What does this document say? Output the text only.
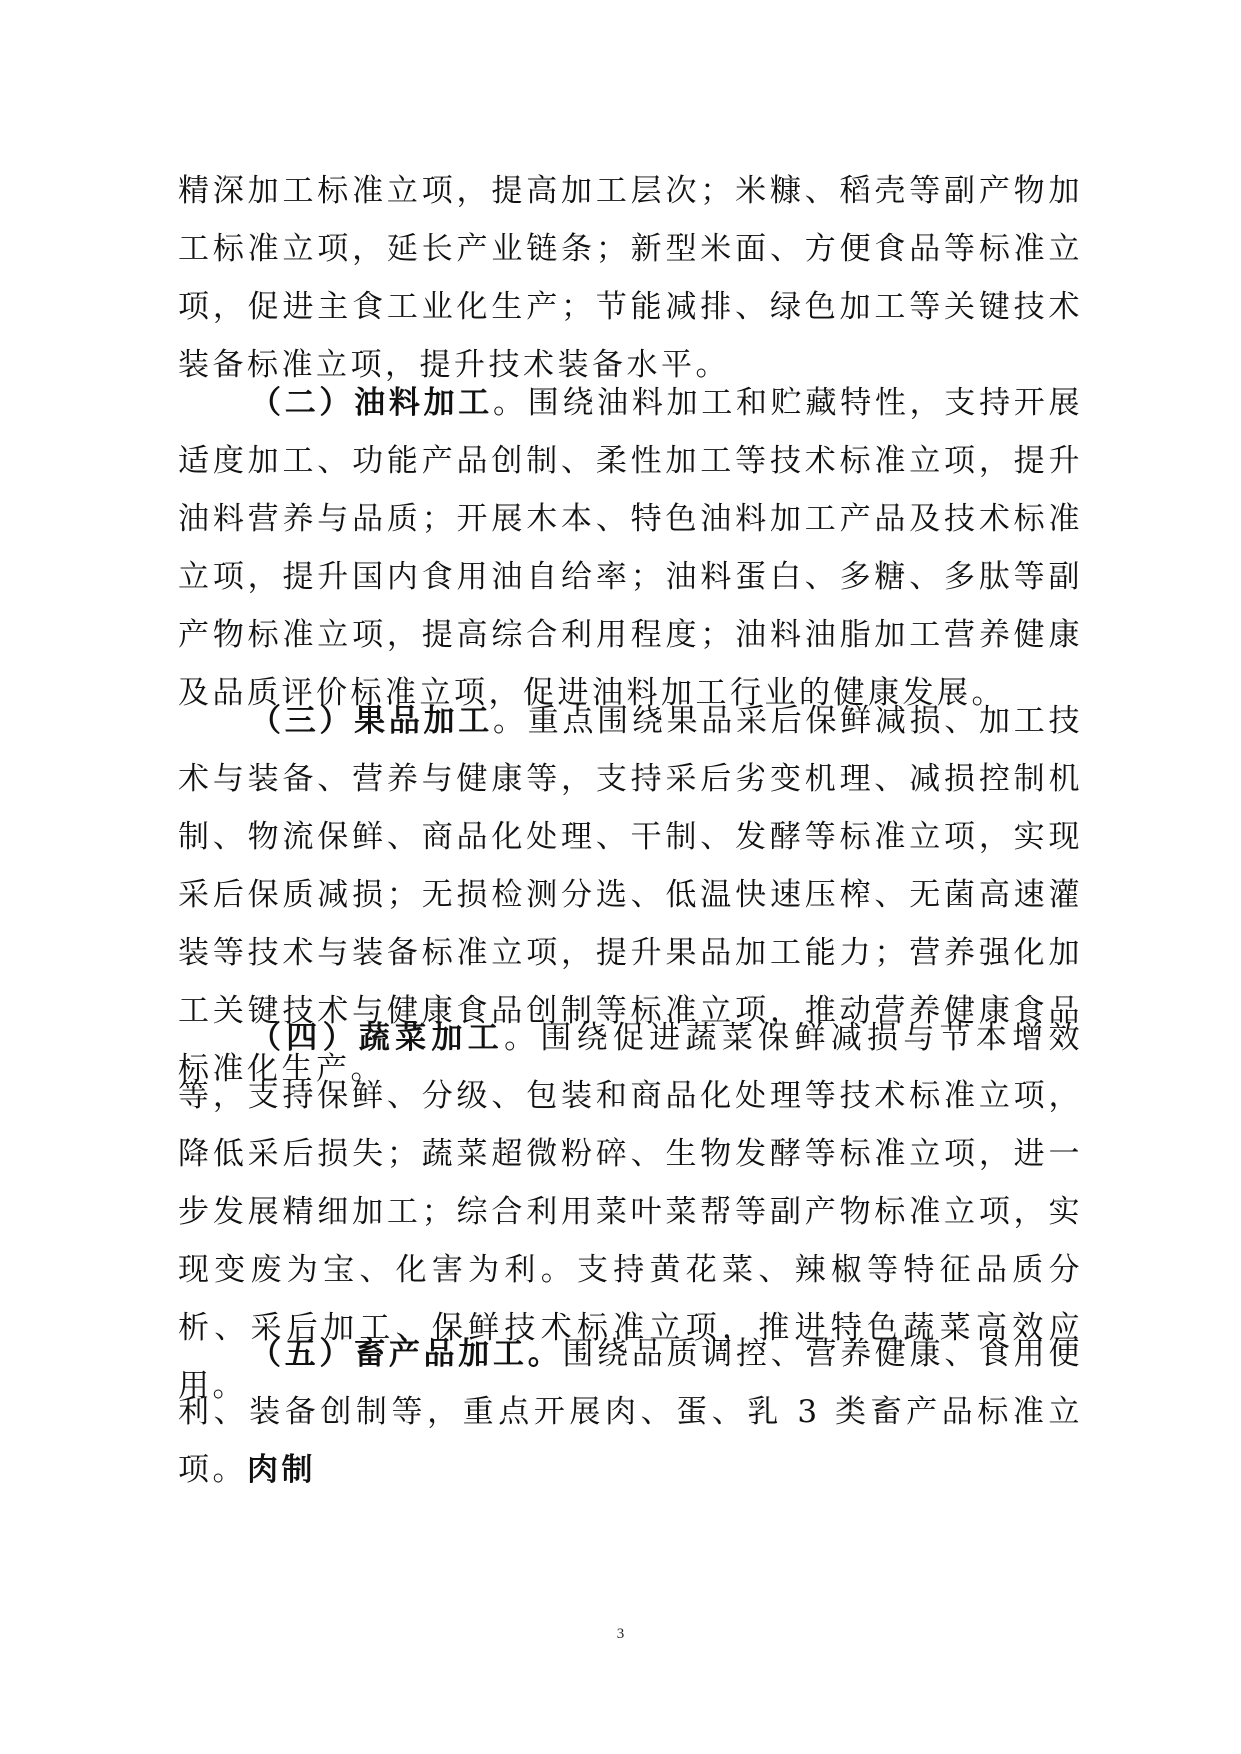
精深加工标准立项，提高加工层次；米糠、稻壳等副产物加工标准立项，延长产业链条；新型米面、方便食品等标准立项，促进主食工业化生产；节能减排、绿色加工等关键技术装备标准立项，提升技术装备水平。

（二）油料加工。围绕油料加工和贮藏特性，支持开展适度加工、功能产品创制、柔性加工等技术标准立项，提升油料营养与品质；开展木本、特色油料加工产品及技术标准立项，提升国内食用油自给率；油料蛋白、多糖、多肽等副产物标准立项，提高综合利用程度；油料油脂加工营养健康及品质评价标准立项，促进油料加工行业的健康发展。

（三）果品加工。重点围绕果品采后保鲜减损、加工技术与装备、营养与健康等，支持采后劣变机理、减损控制机制、物流保鲜、商品化处理、干制、发酵等标准立项，实现采后保质减损；无损检测分选、低温快速压榨、无菌高速灌装等技术与装备标准立项，提升果品加工能力；营养强化加工关键技术与健康食品创制等标准立项，推动营养健康食品标准化生产。

（四）蔬菜加工。围绕促进蔬菜保鲜减损与节本增效等，支持保鲜、分级、包装和商品化处理等技术标准立项，降低采后损失；蔬菜超微粉碎、生物发酵等标准立项，进一步发展精细加工；综合利用菜叶菜帮等副产物标准立项，实现变废为宝、化害为利。支持黄花菜、辣椒等特征品质分析、采后加工、保鲜技术标准立项，推进特色蔬菜高效应用。

（五）畜产品加工。围绕品质调控、营养健康、食用便利、装备创制等，重点开展肉、蛋、乳 3 类畜产品标准立项。肉制

3
